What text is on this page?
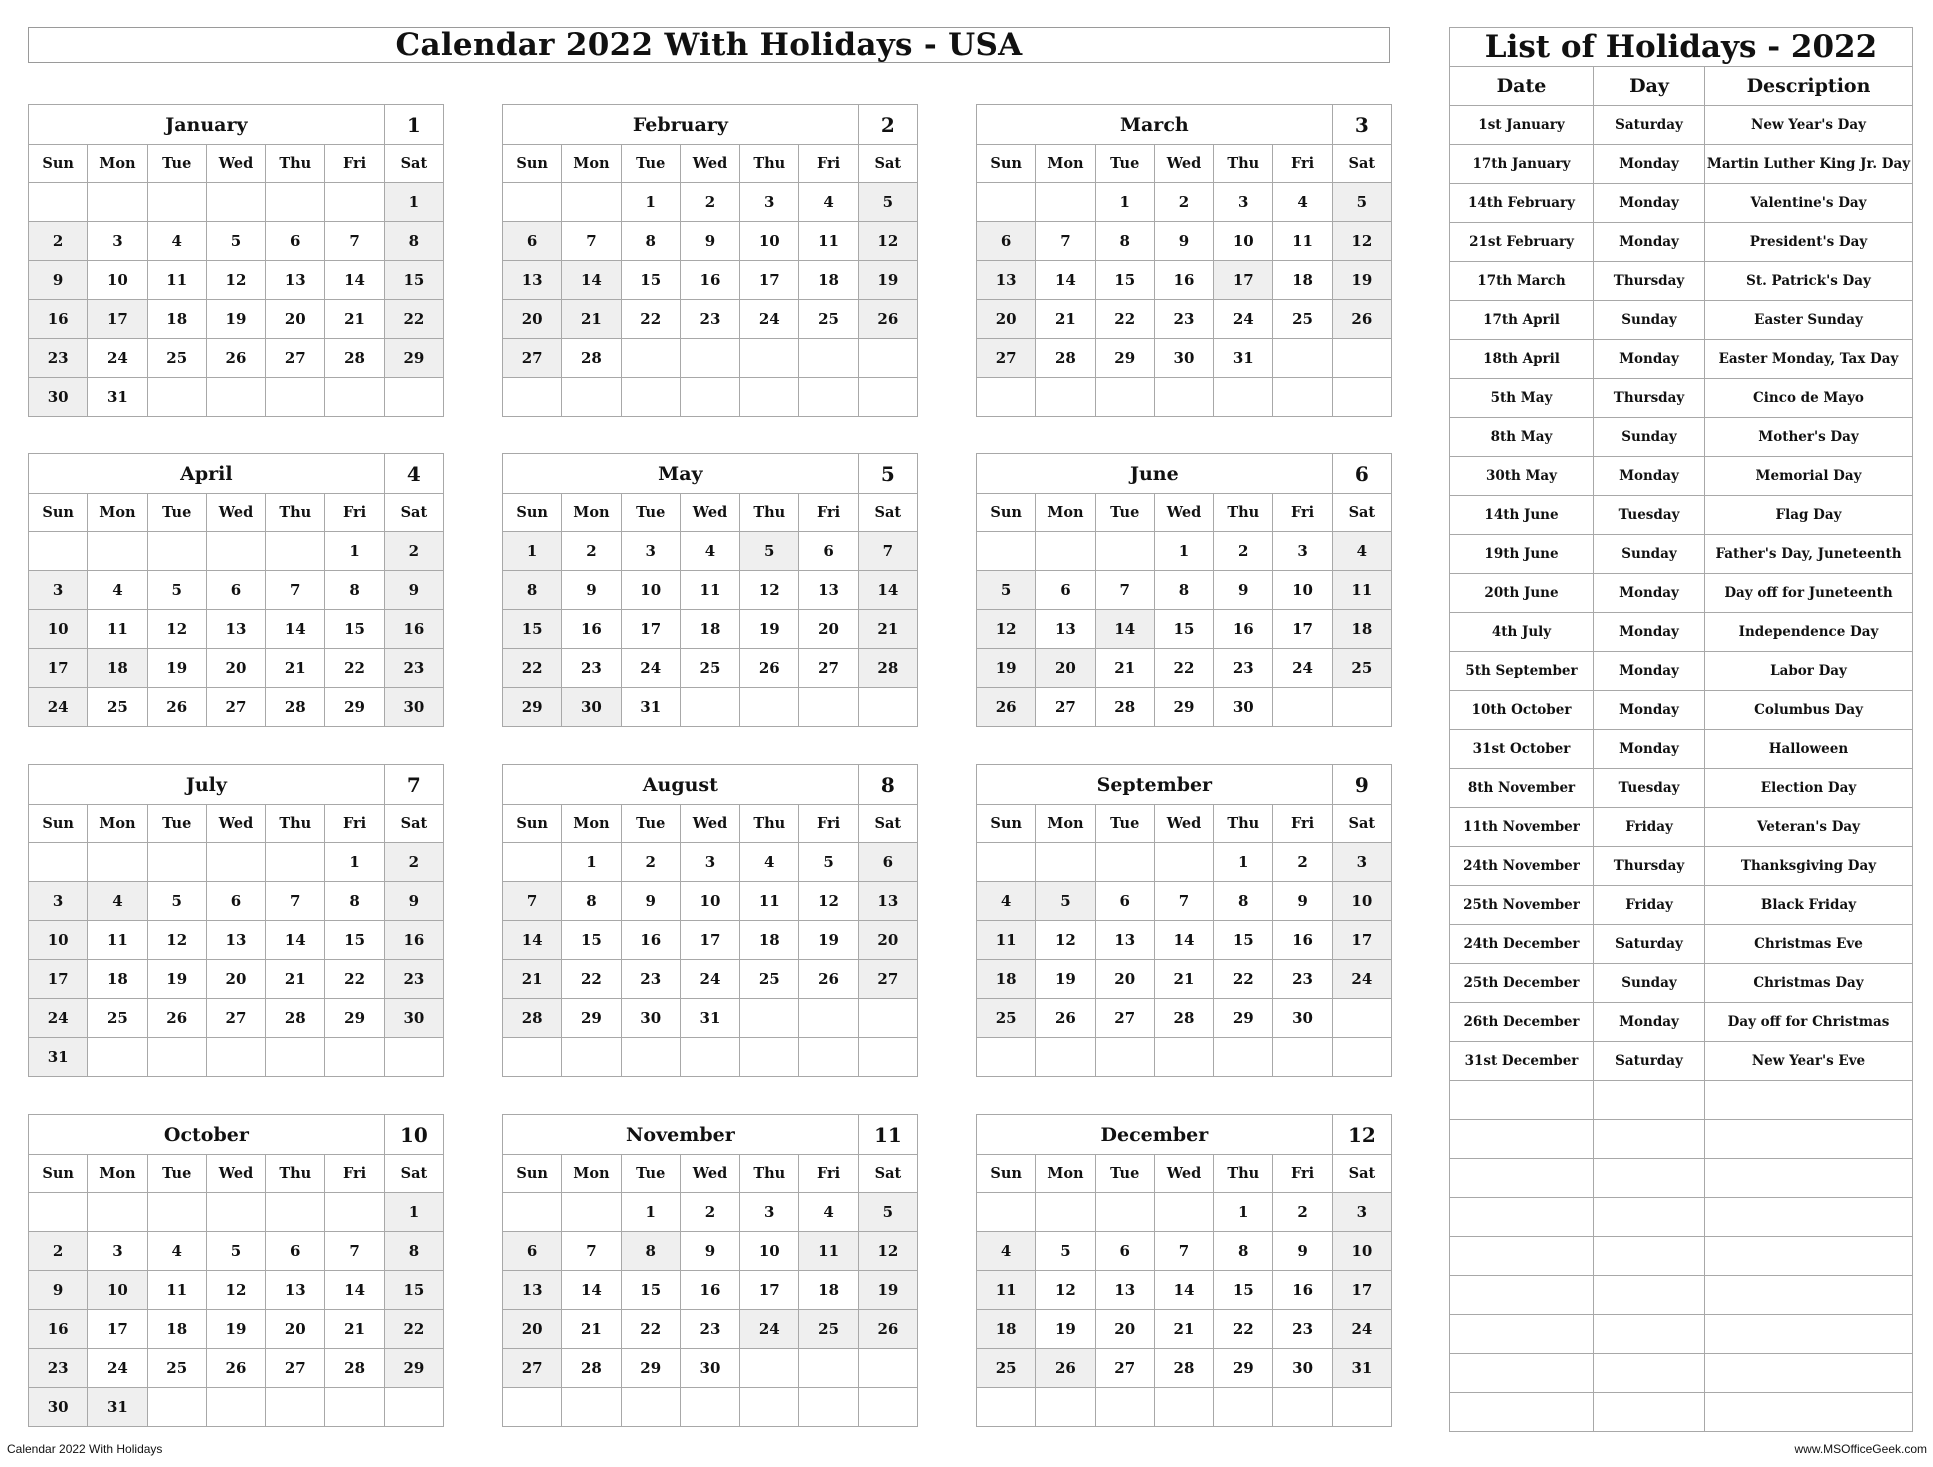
Calendar 2022 With Holidays - USA
January						1
Sun	Mon	Tue	Wed	Thu	Fri	Sat
						1
2	3	4	5	6	7	8
9	10	11	12	13	14	15
16	17	18	19	20	21	22
23	24	25	26	27	28	29
30	31					
February						2
Sun	Mon	Tue	Wed	Thu	Fri	Sat
		1	2	3	4	5
6	7	8	9	10	11	12
13	14	15	16	17	18	19
20	21	22	23	24	25	26
27	28					

March						3
Sun	Mon	Tue	Wed	Thu	Fri	Sat
		1	2	3	4	5
6	7	8	9	10	11	12
13	14	15	16	17	18	19
20	21	22	23	24	25	26
27	28	29	30	31		

April						4
Sun	Mon	Tue	Wed	Thu	Fri	Sat
					1	2
3	4	5	6	7	8	9
10	11	12	13	14	15	16
17	18	19	20	21	22	23
24	25	26	27	28	29	30
May						5
Sun	Mon	Tue	Wed	Thu	Fri	Sat
1	2	3	4	5	6	7
8	9	10	11	12	13	14
15	16	17	18	19	20	21
22	23	24	25	26	27	28
29	30	31				
June						6
Sun	Mon	Tue	Wed	Thu	Fri	Sat
			1	2	3	4
5	6	7	8	9	10	11
12	13	14	15	16	17	18
19	20	21	22	23	24	25
26	27	28	29	30		
July						7
Sun	Mon	Tue	Wed	Thu	Fri	Sat
					1	2
3	4	5	6	7	8	9
10	11	12	13	14	15	16
17	18	19	20	21	22	23
24	25	26	27	28	29	30
31						
August						8
Sun	Mon	Tue	Wed	Thu	Fri	Sat
	1	2	3	4	5	6
7	8	9	10	11	12	13
14	15	16	17	18	19	20
21	22	23	24	25	26	27
28	29	30	31			

September						9
Sun	Mon	Tue	Wed	Thu	Fri	Sat
				1	2	3
4	5	6	7	8	9	10
11	12	13	14	15	16	17
18	19	20	21	22	23	24
25	26	27	28	29	30	

October						10
Sun	Mon	Tue	Wed	Thu	Fri	Sat
						1
2	3	4	5	6	7	8
9	10	11	12	13	14	15
16	17	18	19	20	21	22
23	24	25	26	27	28	29
30	31					
November						11
Sun	Mon	Tue	Wed	Thu	Fri	Sat
		1	2	3	4	5
6	7	8	9	10	11	12
13	14	15	16	17	18	19
20	21	22	23	24	25	26
27	28	29	30			

December						12
Sun	Mon	Tue	Wed	Thu	Fri	Sat
				1	2	3
4	5	6	7	8	9	10
11	12	13	14	15	16	17
18	19	20	21	22	23	24
25	26	27	28	29	30	31

List of Holidays - 2022		
Date	Day	Description
1st January	Saturday	New Year's Day
17th January	Monday	Martin Luther King Jr. Day
14th February	Monday	Valentine's Day
21st February	Monday	President's Day
17th March	Thursday	St. Patrick's Day
17th April	Sunday	Easter Sunday
18th April	Monday	Easter Monday, Tax Day
5th May	Thursday	Cinco de Mayo
8th May	Sunday	Mother's Day
30th May	Monday	Memorial Day
14th June	Tuesday	Flag Day
19th June	Sunday	Father's Day, Juneteenth
20th June	Monday	Day off for Juneteenth
4th July	Monday	Independence Day
5th September	Monday	Labor Day
10th October	Monday	Columbus Day
31st October	Monday	Halloween
8th November	Tuesday	Election Day
11th November	Friday	Veteran's Day
24th November	Thursday	Thanksgiving Day
25th November	Friday	Black Friday
24th December	Saturday	Christmas Eve
25th December	Sunday	Christmas Day
26th December	Monday	Day off for Christmas
31st December	Saturday	New Year's Eve

Calendar 2022 With Holidays	www.MSOfficeGeek.com
